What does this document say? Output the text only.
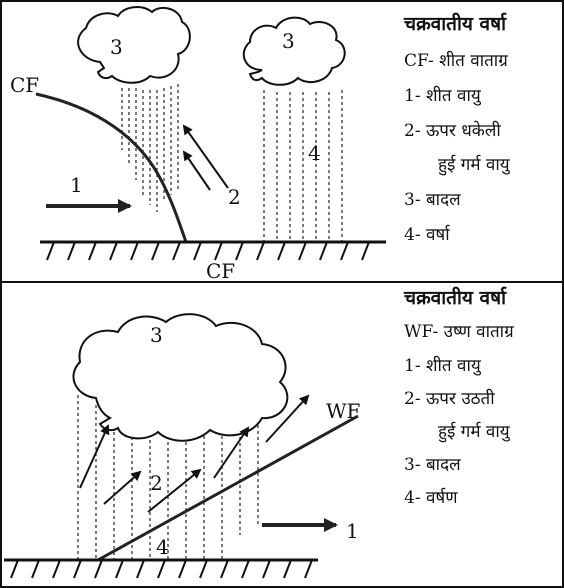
CF
CF
1	2
3	3
4
चक्रवातीय वर्षा
CF- शीत वाताग्र
1- शीत वायु
2- ऊपर धकेली
हुई गर्म वायु
3- बादल
4- वर्षा
3
WF
2
4
1
चक्रवातीय वर्षा
WF- उष्ण वाताग्र
1- शीत वायु
2- ऊपर उठती
हुई गर्म वायु
3- बादल
4- वर्षण
